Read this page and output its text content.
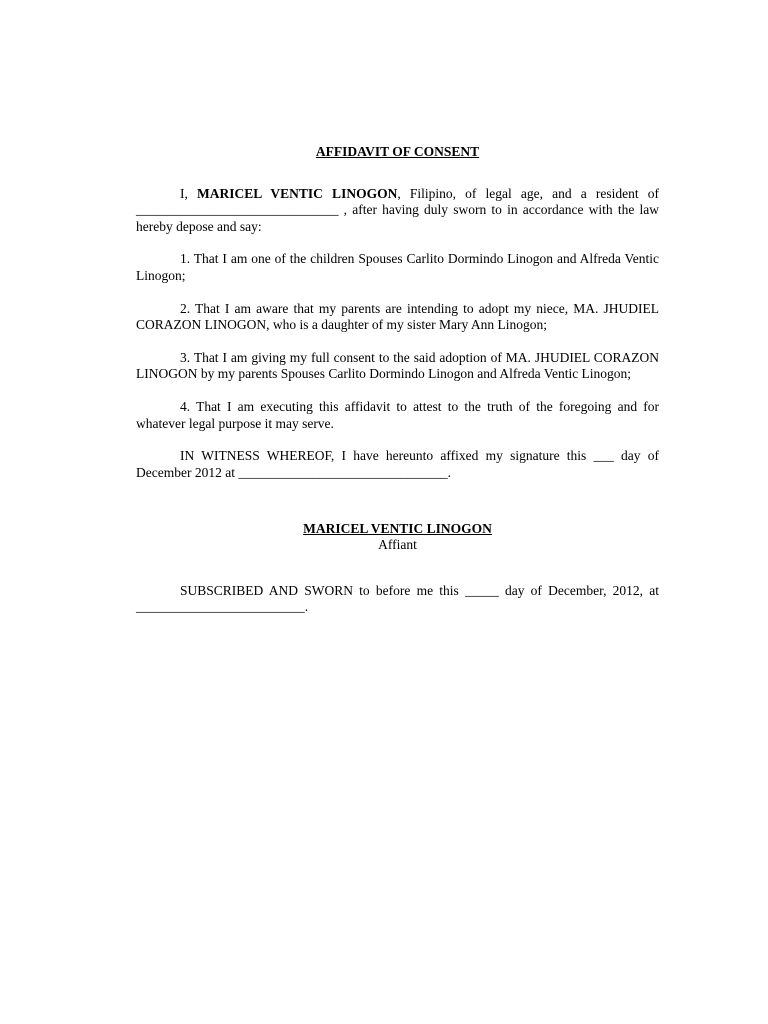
AFFIDAVIT OF CONSENT

I, MARICEL VENTIC LINOGON, Filipino, of legal age, and a resident of ______________________________ , after having duly sworn to in accordance with the law hereby depose and say:

1. That I am one of the children Spouses Carlito Dormindo Linogon and Alfreda Ventic Linogon;

2. That I am aware that my parents are intending to adopt my niece, MA. JHUDIEL CORAZON LINOGON, who is a daughter of my sister Mary Ann Linogon;

3. That I am giving my full consent to the said adoption of MA. JHUDIEL CORAZON LINOGON by my parents Spouses Carlito Dormindo Linogon and Alfreda Ventic Linogon;

4. That I am executing this affidavit to attest to the truth of the foregoing and for whatever legal purpose it may serve.

IN WITNESS WHEREOF, I have hereunto affixed my signature this ___ day of December 2012 at _______________________________.

MARICEL VENTIC LINOGON
Affiant

SUBSCRIBED AND SWORN to before me this _____ day of December, 2012, at _________________________.
